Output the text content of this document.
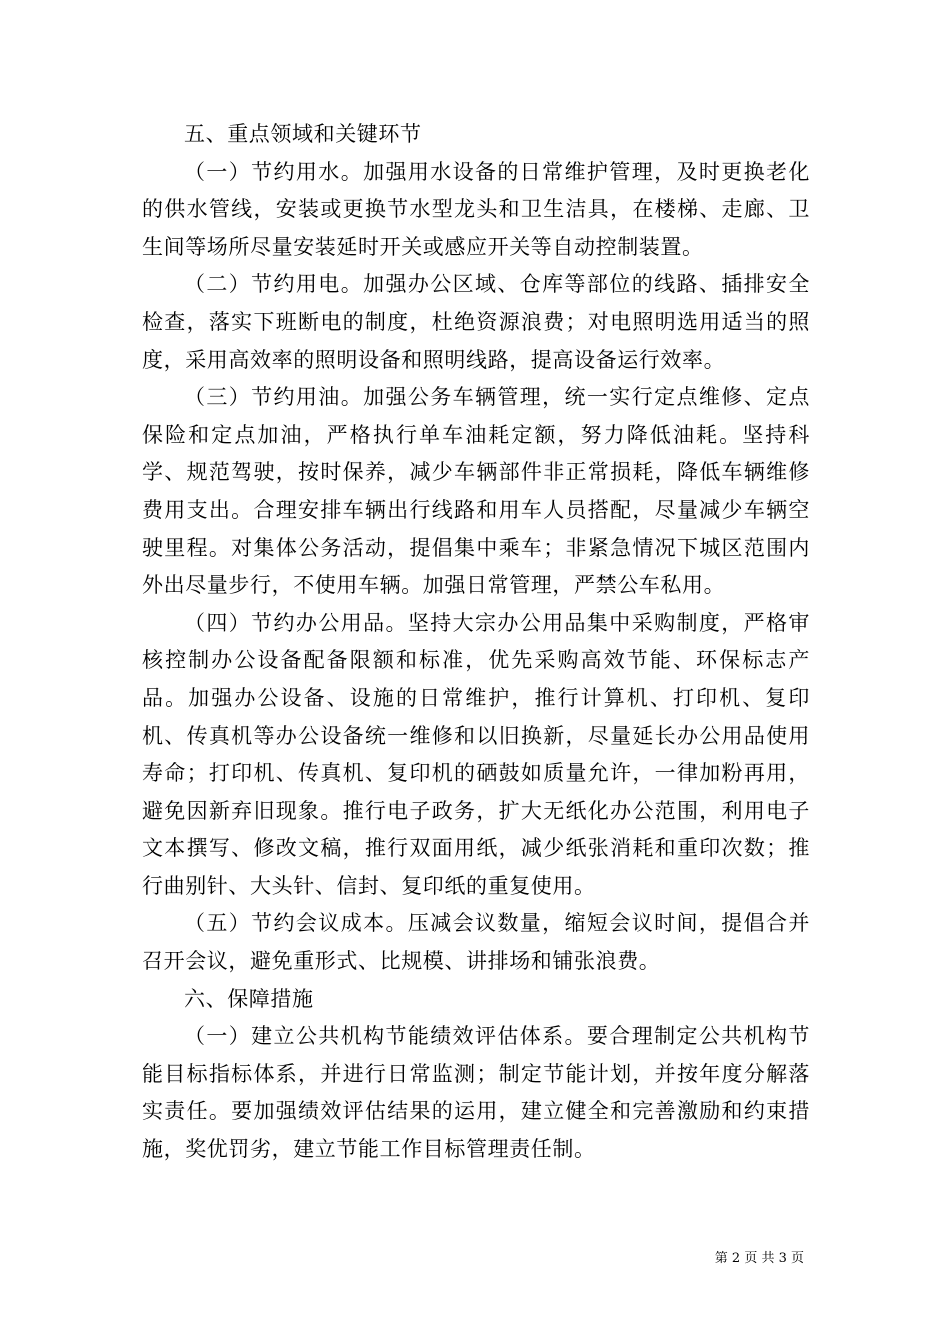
五、重点领域和关键环节

（一）节约用水。加强用水设备的日常维护管理，及时更换老化的供水管线，安装或更换节水型龙头和卫生洁具，在楼梯、走廊、卫生间等场所尽量安装延时开关或感应开关等自动控制装置。

（二）节约用电。加强办公区域、仓库等部位的线路、插排安全检查，落实下班断电的制度，杜绝资源浪费；对电照明选用适当的照度，采用高效率的照明设备和照明线路，提高设备运行效率。

（三）节约用油。加强公务车辆管理，统一实行定点维修、定点保险和定点加油，严格执行单车油耗定额，努力降低油耗。坚持科学、规范驾驶，按时保养，减少车辆部件非正常损耗，降低车辆维修费用支出。合理安排车辆出行线路和用车人员搭配，尽量减少车辆空驶里程。对集体公务活动，提倡集中乘车；非紧急情况下城区范围内外出尽量步行，不使用车辆。加强日常管理，严禁公车私用。

（四）节约办公用品。坚持大宗办公用品集中采购制度，严格审核控制办公设备配备限额和标准，优先采购高效节能、环保标志产品。加强办公设备、设施的日常维护，推行计算机、打印机、复印机、传真机等办公设备统一维修和以旧换新，尽量延长办公用品使用寿命；打印机、传真机、复印机的硒鼓如质量允许，一律加粉再用，避免因新弃旧现象。推行电子政务，扩大无纸化办公范围，利用电子文本撰写、修改文稿，推行双面用纸，减少纸张消耗和重印次数；推行曲别针、大头针、信封、复印纸的重复使用。

（五）节约会议成本。压减会议数量，缩短会议时间，提倡合并召开会议，避免重形式、比规模、讲排场和铺张浪费。

六、保障措施

（一）建立公共机构节能绩效评估体系。要合理制定公共机构节能目标指标体系，并进行日常监测；制定节能计划，并按年度分解落实责任。要加强绩效评估结果的运用，建立健全和完善激励和约束措施，奖优罚劣，建立节能工作目标管理责任制。

第 2 页 共 3 页
